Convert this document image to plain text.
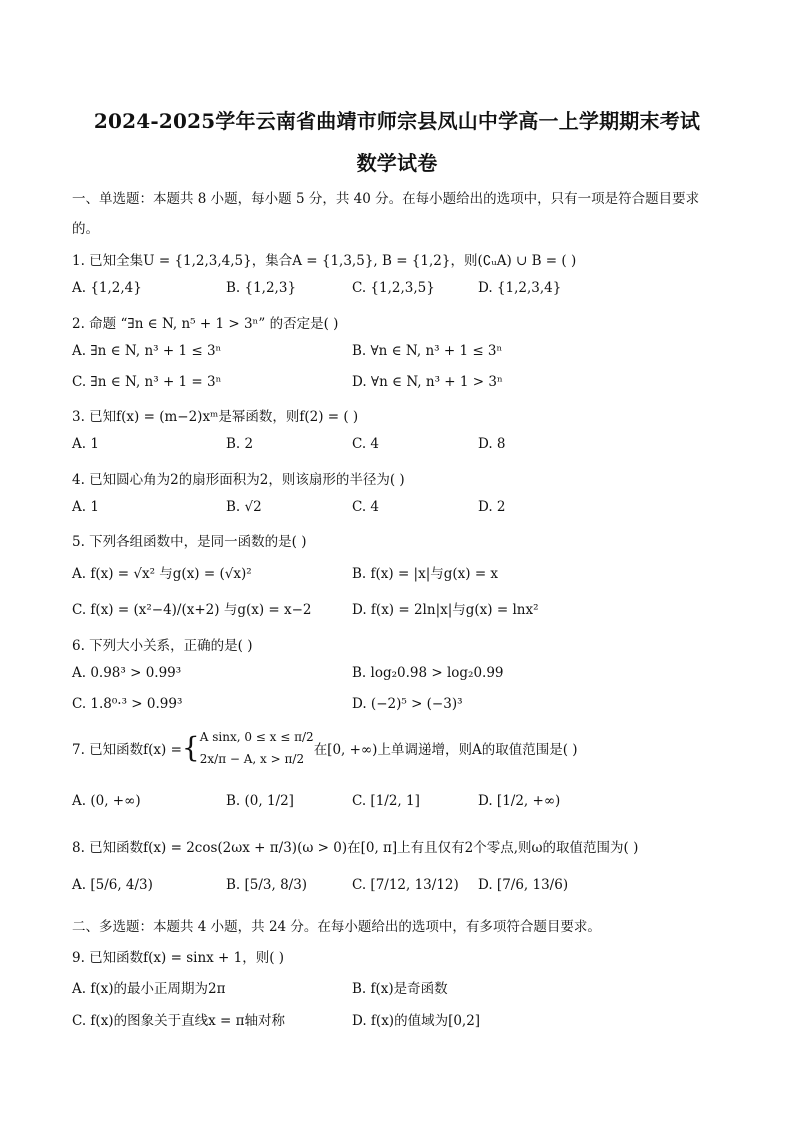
2024-2025学年云南省曲靖市师宗县凤山中学高一上学期期末考试
数学试卷
一、单选题：本题共 8 小题，每小题 5 分，共 40 分。在每小题给出的选项中，只有一项是符合题目要求
的。
1. 已知全集U = {1,2,3,4,5}，集合A = {1,3,5}, B = {1,2}，则(∁ᵤA) ∪ B = ( )
A. {1,2,4}	B. {1,2,3}	C. {1,2,3,5}	D. {1,2,3,4}
2. 命题 “∃n ∈ N, n⁵ + 1 > 3ⁿ” 的否定是( )
A. ∃n ∈ N, n³ + 1 ≤ 3ⁿ	B. ∀n ∈ N, n³ + 1 ≤ 3ⁿ
C. ∃n ∈ N, n³ + 1 = 3ⁿ	D. ∀n ∈ N, n³ + 1 > 3ⁿ
3. 已知f(x) = (m−2)xᵐ是幂函数，则f(2) = ( )
A. 1	B. 2	C. 4	D. 8
4. 已知圆心角为2的扇形面积为2，则该扇形的半径为( )
A. 1	B. √2	C. 4	D. 2
5. 下列各组函数中，是同一函数的是( )
A. f(x) = √x² 与g(x) = (√x)²	B. f(x) = |x|与g(x) = x
C. f(x) = (x²−4)/(x+2) 与g(x) = x−2	D. f(x) = 2ln|x|与g(x) = lnx²
6. 下列大小关系，正确的是( )
A. 0.98³ > 0.99³	B. log₂0.98 > log₂0.99
C. 1.8⁰·³ > 0.99³	D. (−2)⁵ > (−3)³
7. 已知函数f(x) = { A sinx, 0 ≤ x ≤ π/2
2x/π − A, x > π/2
在[0, +∞)上单调递增，则A的取值范围是( )
A. (0, +∞)	B. (0, 1/2]	C. [1/2, 1]	D. [1/2, +∞)
8. 已知函数f(x) = 2cos(2ωx + π/3)(ω > 0)在[0, π]上有且仅有2个零点,则ω的取值范围为( )
A. [5/6, 4/3)	B. [5/3, 8/3)	C. [7/12, 13/12) D. [7/6, 13/6)
二、多选题：本题共 4 小题，共 24 分。在每小题给出的选项中，有多项符合题目要求。
9. 已知函数f(x) = sinx + 1，则( )
A. f(x)的最小正周期为2π	B. f(x)是奇函数
C. f(x)的图象关于直线x = π轴对称	D. f(x)的值域为[0,2]
